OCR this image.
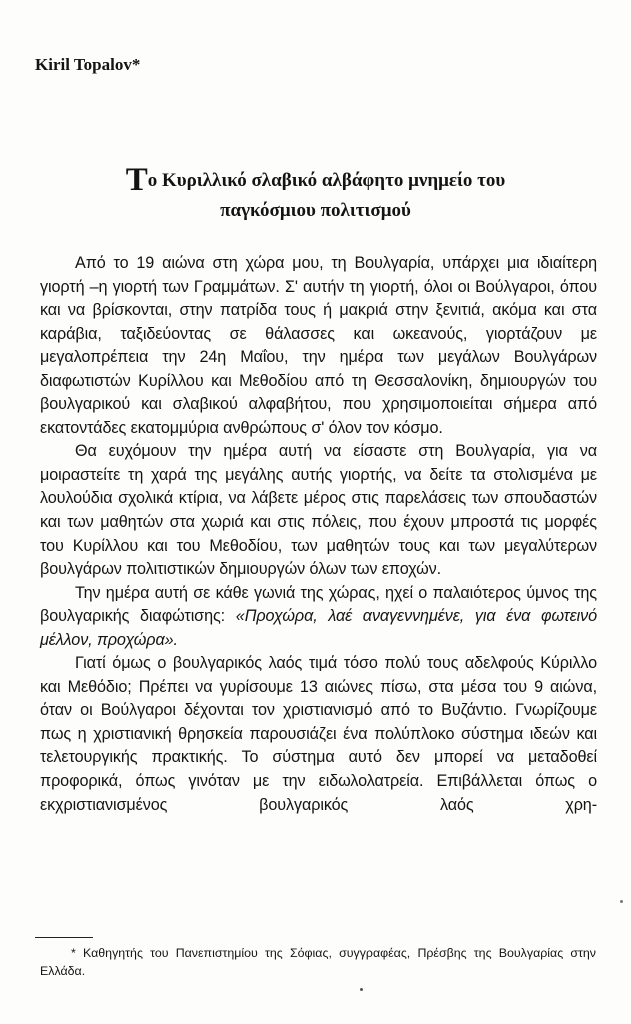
Kiril Topalov*
Το Κυριλλικό σλαβικό αλβάφητο μνημείο του
παγκόσμιου πολιτισμού

Από το 19 αιώνα στη χώρα μου, τη Βουλγαρία, υπάρχει μια ιδιαίτερη γιορτή –η γιορτή των Γραμμάτων. Σ' αυτήν τη γιορτή, όλοι οι Βούλγαροι, όπου και να βρίσκονται, στην πατρίδα τους ή μακριά στην ξενιτιά, ακόμα και στα καράβια, ταξιδεύοντας σε θάλασσες και ωκεανούς, γιορτάζουν με μεγαλοπρέπεια την 24η Μαΐου, την ημέρα των μεγάλων Βουλγάρων διαφωτιστών Κυρίλλου και Μεθοδίου από τη Θεσσαλονίκη, δημιουργών του βουλγαρικού και σλαβικού αλφαβήτου, που χρησιμοποιείται σήμερα από εκατοντάδες εκατομμύρια ανθρώπους σ' όλον τον κόσμο.

Θα ευχόμουν την ημέρα αυτή να είσαστε στη Βουλγαρία, για να μοιραστείτε τη χαρά της μεγάλης αυτής γιορτής, να δείτε τα στολισμένα με λουλούδια σχολικά κτίρια, να λάβετε μέρος στις παρελάσεις των σπουδαστών και των μαθητών στα χωριά και στις πόλεις, που έχουν μπροστά τις μορφές του Κυρίλλου και του Μεθοδίου, των μαθητών τους και των μεγαλύτερων βουλγάρων πολιτιστικών δημιουργών όλων των εποχών.

Την ημέρα αυτή σε κάθε γωνιά της χώρας, ηχεί ο παλαιότερος ύμνος της βουλγαρικής διαφώτισης: «Προχώρα, λαέ αναγεννημένε, για ένα φωτεινό μέλλον, προχώρα».

Γιατί όμως ο βουλγαρικός λαός τιμά τόσο πολύ τους αδελφούς Κύριλλο και Μεθόδιο; Πρέπει να γυρίσουμε 13 αιώνες πίσω, στα μέσα του 9 αιώνα, όταν οι Βούλγαροι δέχονται τον χριστιανισμό από το Βυζάντιο. Γνωρίζουμε πως η χριστιανική θρησκεία παρουσιάζει ένα πολύπλοκο σύστημα ιδεών και τελετουργικής πρακτικής. Το σύστημα αυτό δεν μπορεί να μεταδοθεί προφορικά, όπως γινόταν με την ειδωλολατρεία. Επιβάλλεται όπως ο εκχριστιανισμένος βουλγαρικός λαός χρη-

* Καθηγητής του Πανεπιστημίου της Σόφιας, συγγραφέας, Πρέσβης της Βουλγαρίας στην Ελλάδα.
